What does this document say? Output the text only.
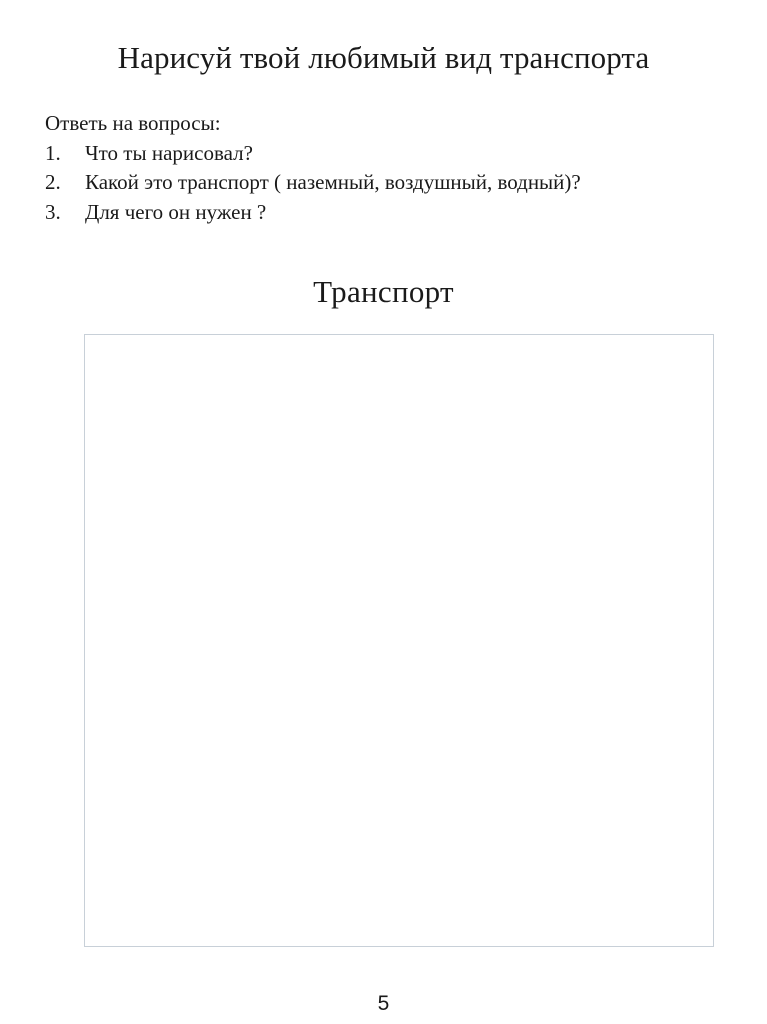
Нарисуй твой любимый вид транспорта

Ответь на вопросы:

1.	Что ты нарисовал?
2.	Какой это транспорт ( наземный, воздушный, водный)?
3.	Для чего он нужен ?
Транспорт
5
